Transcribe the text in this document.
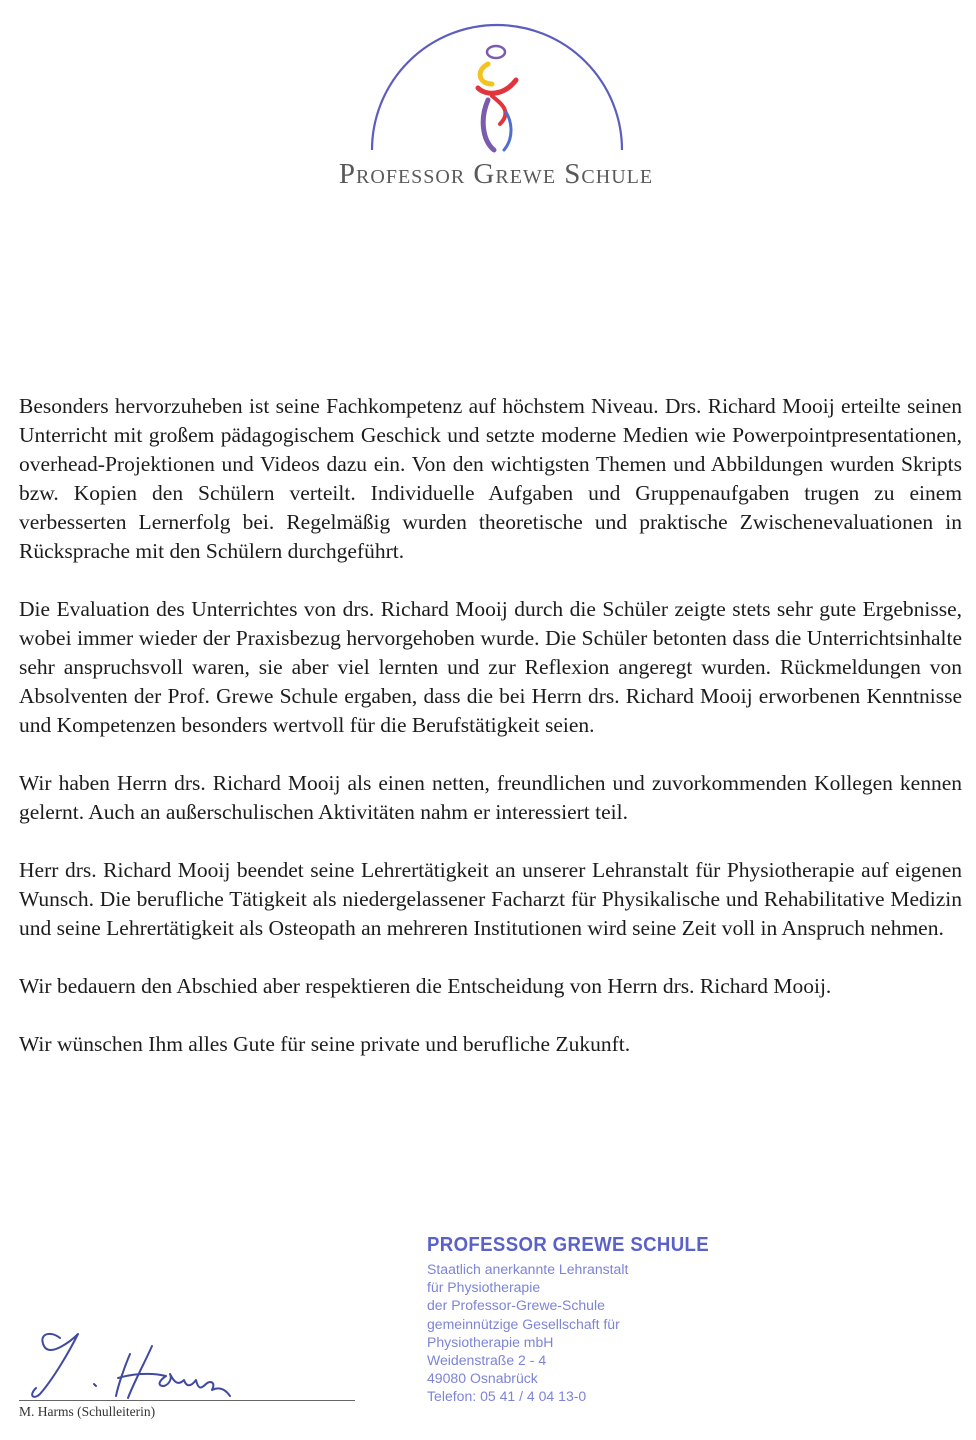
Professor Grewe Schule

Besonders hervorzuheben ist seine Fachkompetenz auf höchstem Niveau. Drs. Richard Mooij erteilte seinen Unterricht mit großem pädagogischem Geschick und setzte moderne Medien wie Powerpointpresentationen, overhead-Projektionen und Videos dazu ein. Von den wichtigsten Themen und Abbildungen wurden Skripts bzw. Kopien den Schülern verteilt. Individuelle Aufgaben und Gruppenaufgaben trugen zu einem verbesserten Lernerfolg bei. Regelmäßig wurden theoretische und praktische Zwischenevaluationen in Rücksprache mit den Schülern durchgeführt.

Die Evaluation des Unterrichtes von drs. Richard Mooij durch die Schüler zeigte stets sehr gute Ergebnisse, wobei immer wieder der Praxisbezug hervorgehoben wurde. Die Schüler betonten dass die Unterrichtsinhalte sehr anspruchsvoll waren, sie aber viel lernten und zur Reflexion angeregt wurden. Rückmeldungen von Absolventen der Prof. Grewe Schule ergaben, dass die bei Herrn drs. Richard Mooij erworbenen Kenntnisse und Kompetenzen besonders wertvoll für die Berufstätigkeit seien.

Wir haben Herrn drs. Richard Mooij als einen netten, freundlichen und zuvorkommenden Kollegen kennen gelernt. Auch an außerschulischen Aktivitäten nahm er interessiert teil.

Herr drs. Richard Mooij beendet seine Lehrertätigkeit an unserer Lehranstalt für Physiotherapie auf eigenen Wunsch. Die berufliche Tätigkeit als niedergelassener Facharzt für Physikalische und Rehabilitative Medizin und seine Lehrertätigkeit als Osteopath an mehreren Institutionen wird seine Zeit voll in Anspruch nehmen.

Wir bedauern den Abschied aber respektieren die Entscheidung von Herrn drs. Richard Mooij.

Wir wünschen Ihm alles Gute für seine private und berufliche Zukunft.

PROFESSOR GREWE SCHULE
Staatlich anerkannte Lehranstalt
für Physiotherapie
der Professor-Grewe-Schule
gemeinnützige Gesellschaft für
Physiotherapie mbH
Weidenstraße 2 - 4
49080 Osnabrück
Telefon: 05 41 / 4 04 13-0
M. Harms (Schulleiterin)
